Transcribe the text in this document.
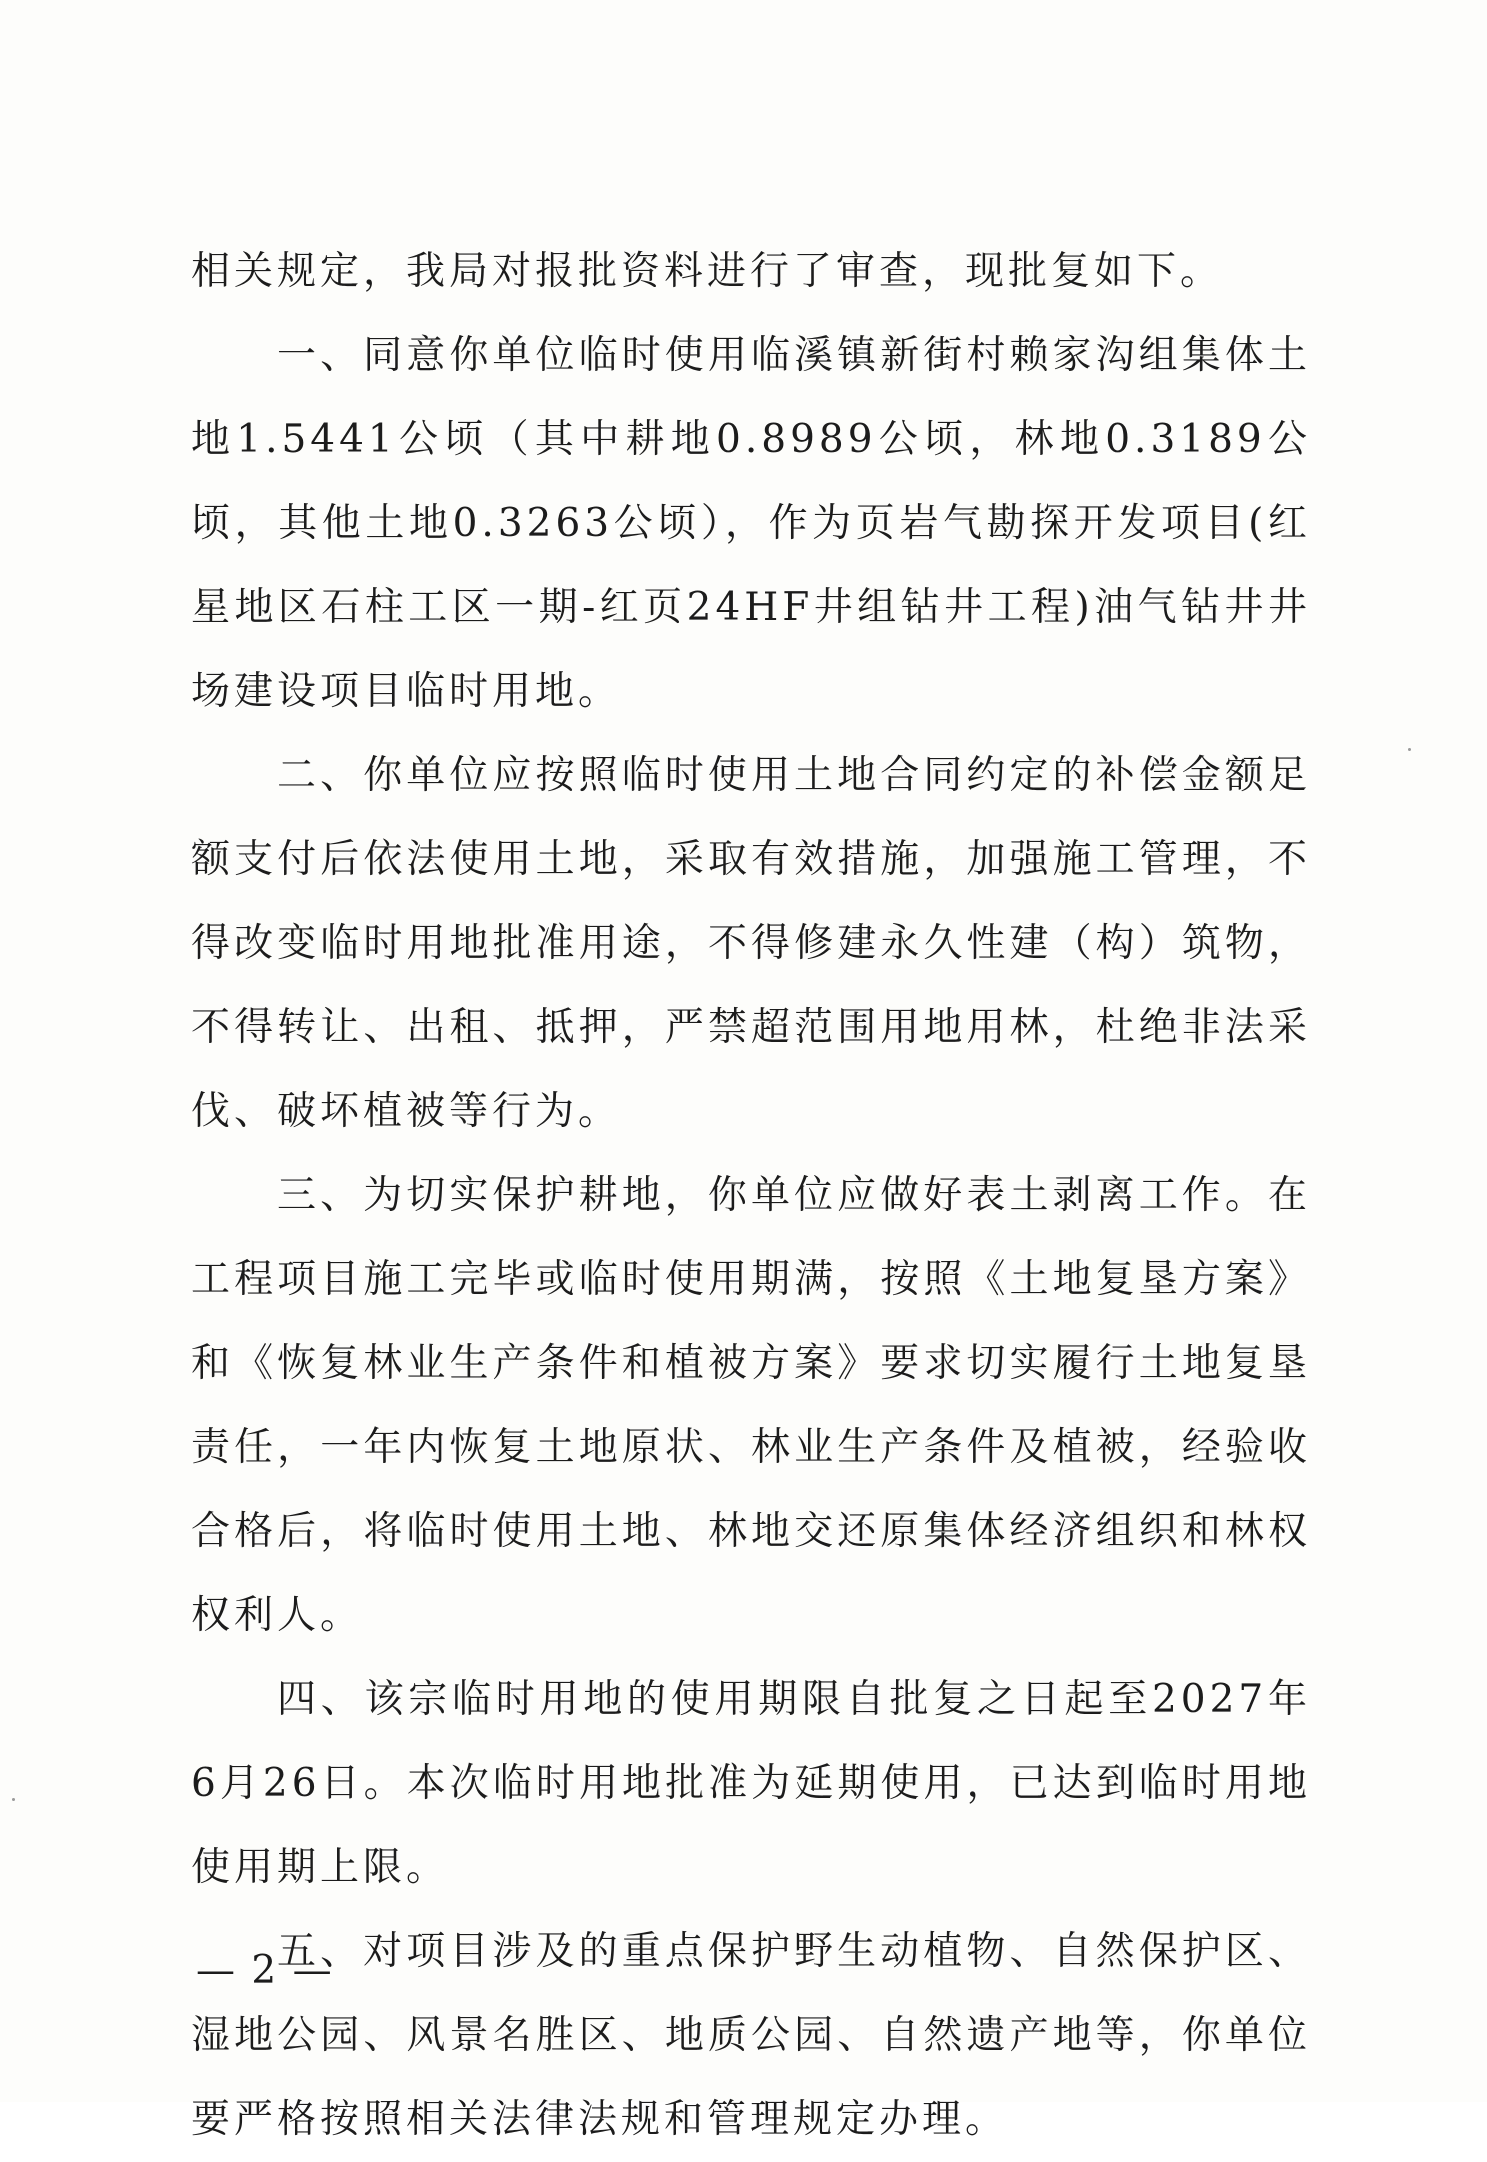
相关规定，我局对报批资料进行了审查，现批复如下。

一、同意你单位临时使用临溪镇新街村赖家沟组集体土地1.5441公顷（其中耕地0.8989公顷，林地0.3189公顷，其他土地0.3263公顷），作为页岩气勘探开发项目(红星地区石柱工区一期-红页24HF井组钻井工程)油气钻井井场建设项目临时用地。

二、你单位应按照临时使用土地合同约定的补偿金额足额支付后依法使用土地，采取有效措施，加强施工管理，不得改变临时用地批准用途，不得修建永久性建（构）筑物，不得转让、出租、抵押，严禁超范围用地用林，杜绝非法采伐、破坏植被等行为。

三、为切实保护耕地，你单位应做好表土剥离工作。在工程项目施工完毕或临时使用期满，按照《土地复垦方案》和《恢复林业生产条件和植被方案》要求切实履行土地复垦责任，一年内恢复土地原状、林业生产条件及植被，经验收合格后，将临时使用土地、林地交还原集体经济组织和林权权利人。

四、该宗临时用地的使用期限自批复之日起至2027年6月26日。本次临时用地批准为延期使用，已达到临时用地使用期上限。

五、对项目涉及的重点保护野生动植物、自然保护区、湿地公园、风景名胜区、地质公园、自然遗产地等，你单位要严格按照相关法律法规和管理规定办理。

— 2 —
